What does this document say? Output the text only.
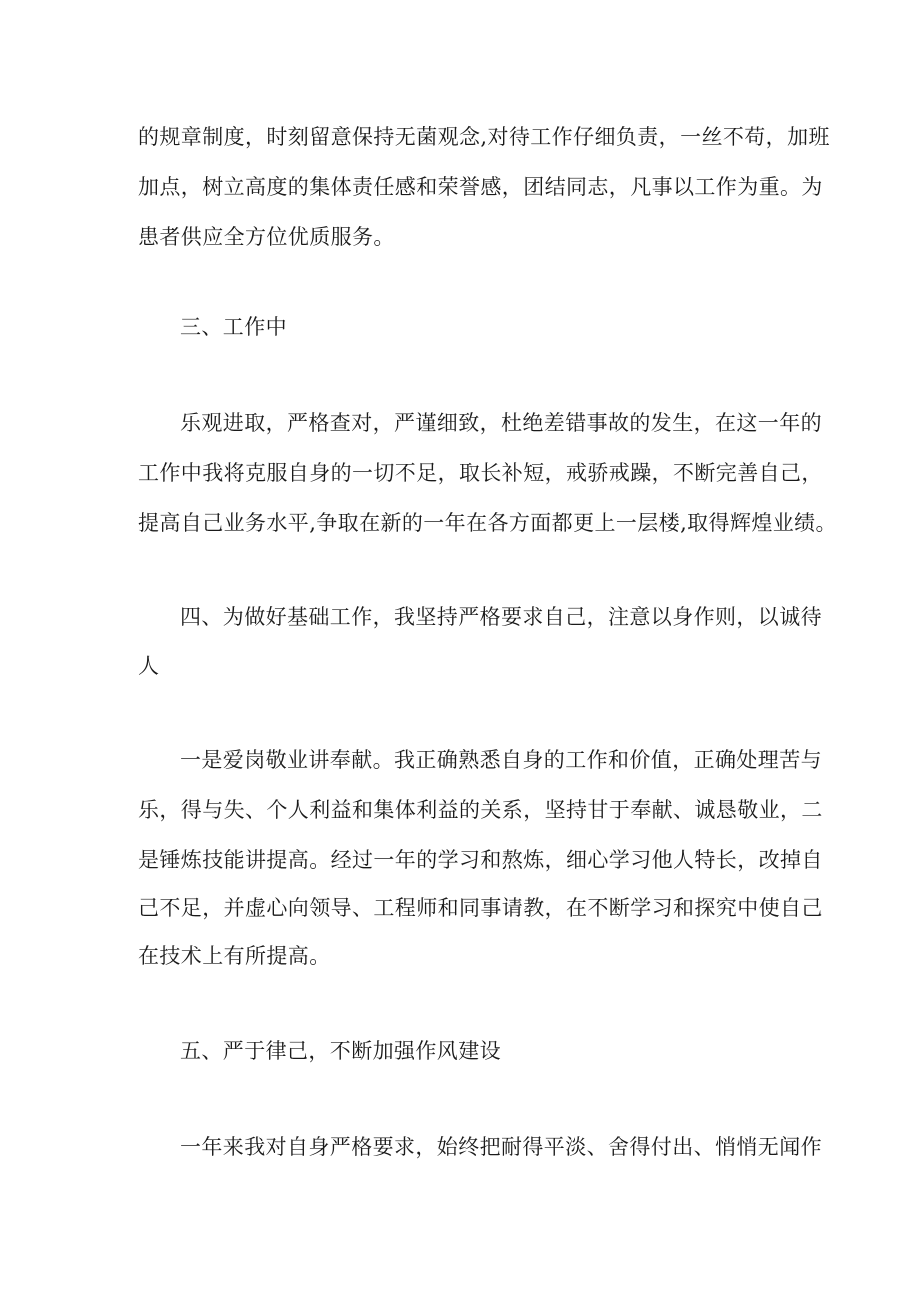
的规章制度，时刻留意保持无菌观念,对待工作仔细负责，一丝不苟，加班
加点，树立高度的集体责任感和荣誉感，团结同志，凡事以工作为重。为
患者供应全方位优质服务。
三、工作中
乐观进取，严格查对，严谨细致，杜绝差错事故的发生，在这一年的
工作中我将克服自身的一切不足，取长补短，戒骄戒躁，不断完善自己，
提高自己业务水平,争取在新的一年在各方面都更上一层楼,取得辉煌业绩。
四、为做好基础工作，我坚持严格要求自己，注意以身作则，以诚待
人
一是爱岗敬业讲奉献。我正确熟悉自身的工作和价值，正确处理苦与
乐，得与失、个人利益和集体利益的关系，坚持甘于奉献、诚恳敬业，二
是锤炼技能讲提高。经过一年的学习和熬炼，细心学习他人特长，改掉自
己不足，并虚心向领导、工程师和同事请教，在不断学习和探究中使自己
在技术上有所提高。
五、严于律己，不断加强作风建设
一年来我对自身严格要求，始终把耐得平淡、舍得付出、悄悄无闻作
